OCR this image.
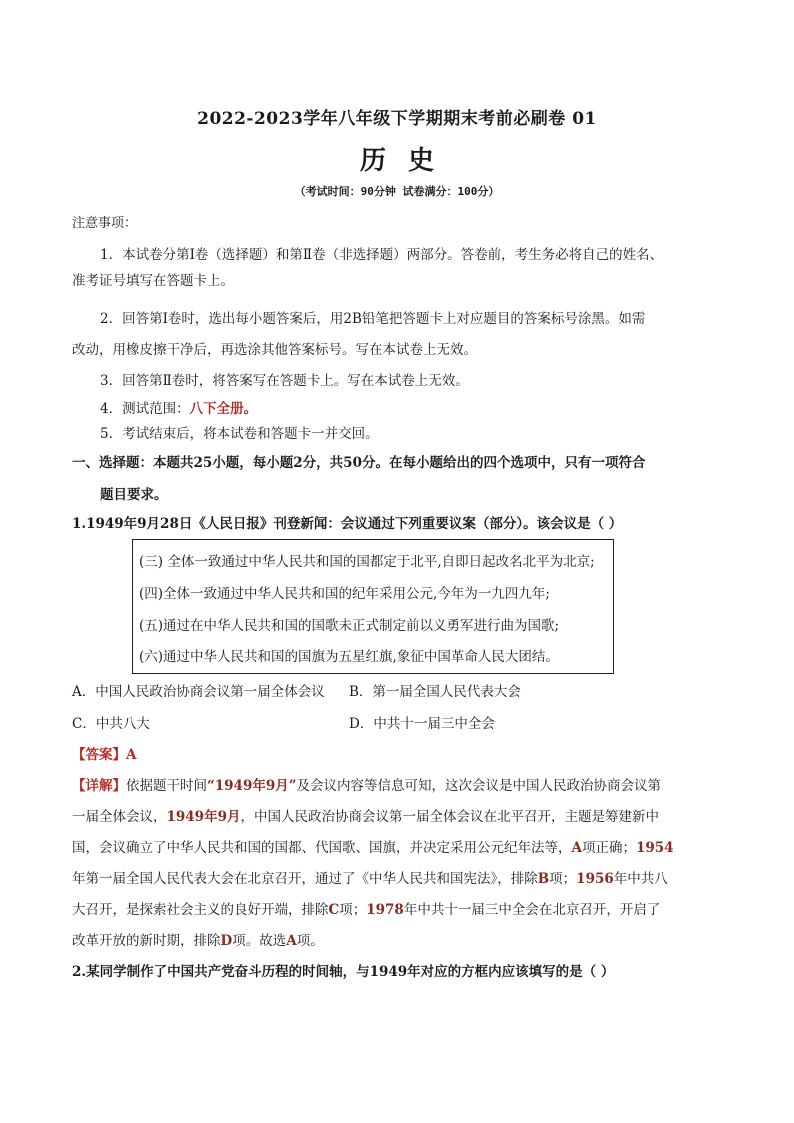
2022-2023学年八年级下学期期末考前必刷卷 01
历史
（考试时间：90分钟 试卷满分：100分）
注意事项：
1．本试卷分第Ⅰ卷（选择题）和第Ⅱ卷（非选择题）两部分。答卷前，考生务必将自己的姓名、
准考证号填写在答题卡上。
2．回答第Ⅰ卷时，选出每小题答案后，用2B铅笔把答题卡上对应题目的答案标号涂黑。如需
改动，用橡皮擦干净后，再选涂其他答案标号。写在本试卷上无效。
3．回答第Ⅱ卷时，将答案写在答题卡上。写在本试卷上无效。
4．测试范围：八下全册。
5．考试结束后，将本试卷和答题卡一并交回。
一、选择题：本题共25小题，每小题2分，共50分。在每小题给出的四个选项中，只有一项符合
题目要求。
1.1949年9月28日《人民日报》刊登新闻：会议通过下列重要议案（部分）。该会议是（ ）
(三) 全体一致通过中华人民共和国的国都定于北平,自即日起改名北平为北京;
(四)全体一致通过中华人民共和国的纪年采用公元,今年为一九四九年;
(五)通过在中华人民共和国的国歌未正式制定前以义勇军进行曲为国歌;
(六)通过中华人民共和国的国旗为五星红旗,象征中国革命人民大团结。
A．中国人民政治协商会议第一届全体会议 B．第一届全国人民代表大会
C．中共八大	D．中共十一届三中全会
【答案】A
【详解】依据题干时间“1949年9月”及会议内容等信息可知，这次会议是中国人民政治协商会议第
一届全体会议，1949年9月，中国人民政治协商会议第一届全体会议在北平召开，主题是筹建新中
国，会议确立了中华人民共和国的国都、代国歌、国旗，并决定采用公元纪年法等，A项正确；1954
年第一届全国人民代表大会在北京召开，通过了《中华人民共和国宪法》，排除B项；1956年中共八
大召开，是探索社会主义的良好开端，排除C项；1978年中共十一届三中全会在北京召开，开启了
改革开放的新时期，排除D项。故选A项。
2.某同学制作了中国共产党奋斗历程的时间轴，与1949年对应的方框内应该填写的是（ ）
